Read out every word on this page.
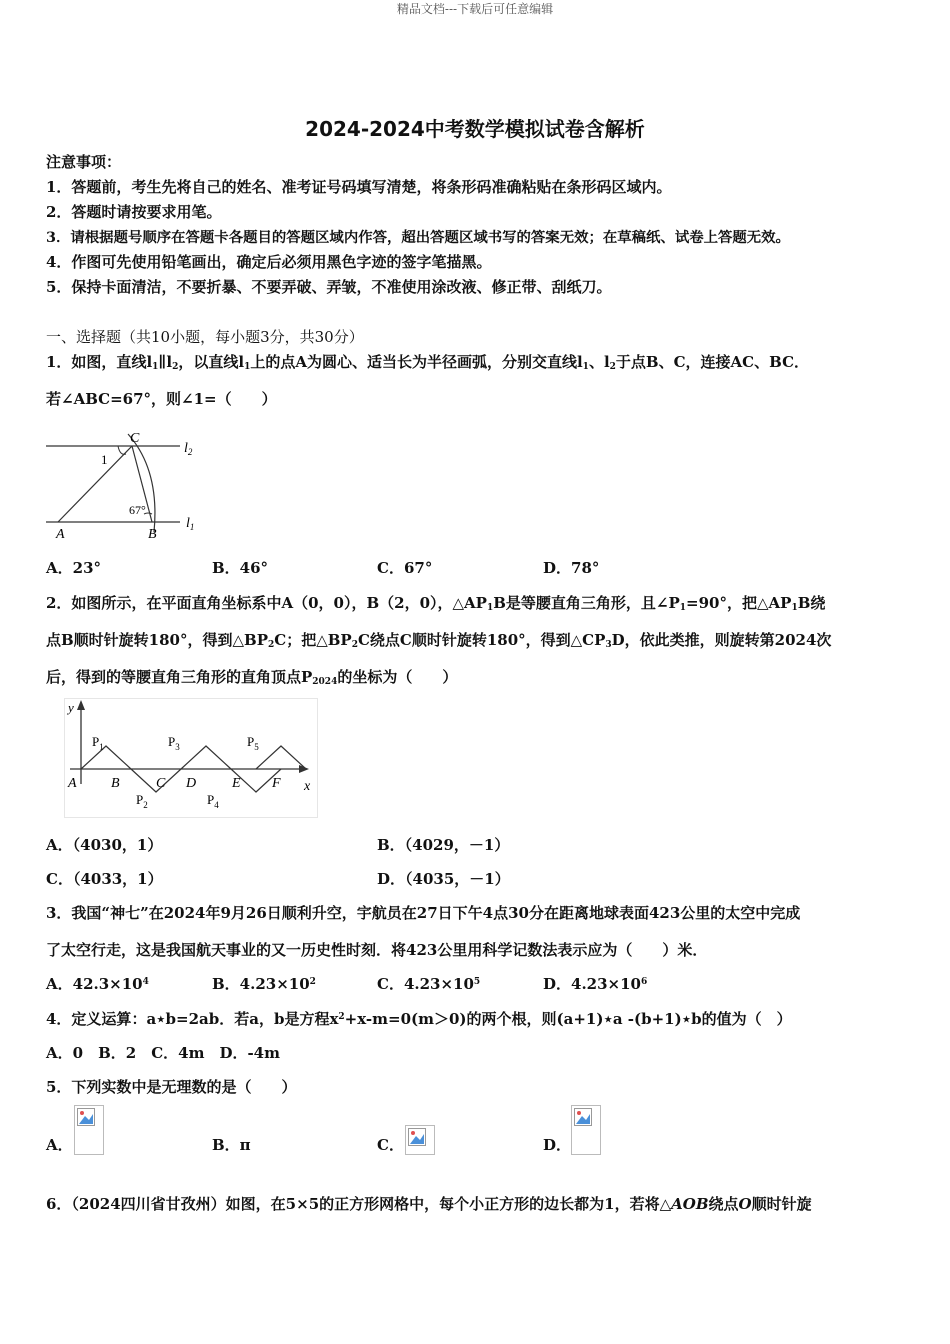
精品文档---下载后可任意编辑
2024-2024中考数学模拟试卷含解析
注意事项：
1．答题前，考生先将自己的姓名、准考证号码填写清楚，将条形码准确粘贴在条形码区域内。
2．答题时请按要求用笔。
3．请根据题号顺序在答题卡各题目的答题区域内作答，超出答题区域书写的答案无效；在草稿纸、试卷上答题无效。
4．作图可先使用铅笔画出，确定后必须用黑色字迹的签字笔描黑。
5．保持卡面清洁，不要折暴、不要弄破、弄皱，不准使用涂改液、修正带、刮纸刀。
一、选择题（共10小题，每小题3分，共30分）
1．如图，直线$l_1\parallel l_2$，以直线$l_1$上的点A为圆心、适当长为半径画弧，分别交直线$l_1$、$l_2$于点B、C，连接AC、BC．
若∠ABC=67°，则∠1=（　　）
C
$l_2$
1
67°
A	B
$l_1$
A．23°	B．46°	C．67°	D．78°
2．如图所示，在平面直角坐标系中A（0，0），B（2，0），$\triangle AP_1B$是等腰直角三角形，且$\angle P_1=90^\circ$，把$\triangle AP_1B$绕
点B顺时针旋转180°，得到$\triangle BP_2C$；把$\triangle BP_2C$绕点C顺时针旋转180°，得到$\triangle CP_3D$，依此类推，则旋转第2024次
后，得到的等腰直角三角形的直角顶点$P_{2024}$的坐标为（　　）
y
x
A B	C D	E F
$P_1$
$P_2$
$P_3$
$P_4$
$P_5$
A．（4030，1）	B．（4029，－1）
C．（4033，1）	D．（4035，－1）
3．我国“神七”在2024年9月26日顺利升空，宇航员在27日下午4点30分在距离地球表面423公里的太空中完成
了太空行走，这是我国航天事业的又一历史性时刻．将423公里用科学记数法表示应为（　　）米．
A．$42.3\times 10^4$	B．$4.23\times 10^2$	C．$4.23\times 10^5$	D．$4.23\times 10^6$
4．定义运算：a⋆b=2ab．若a，b是方程$x^2+x-m=0(m>0)$的两个根，则(a+1)⋆a -(b+1)⋆b的值为（　）
A．0　B．2　C．4m　D．-4m
5．下列实数中是无理数的是（　　）
A．	B．π	C．	D．
6．（2024四川省甘孜州）如图，在5×5的正方形网格中，每个小正方形的边长都为1，若将△AOB绕点O顺时针旋
